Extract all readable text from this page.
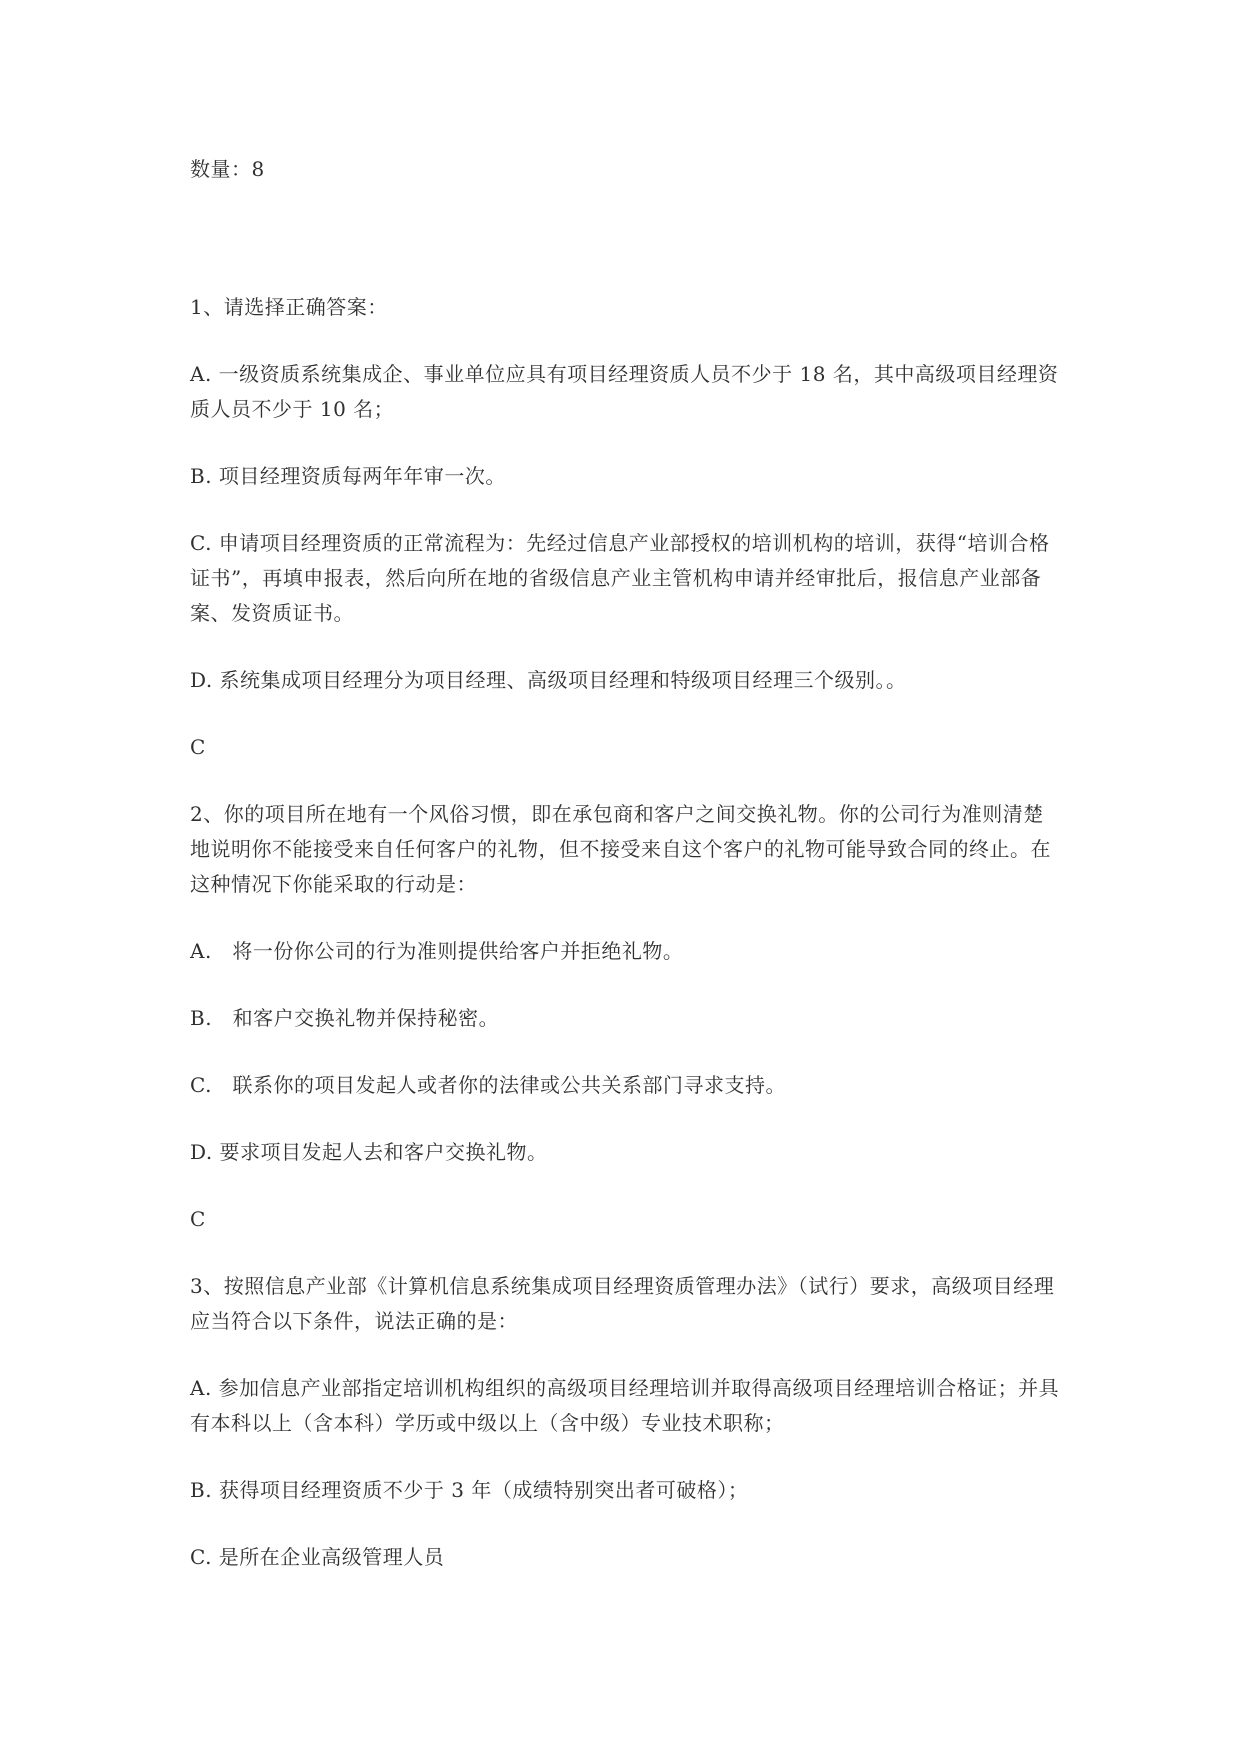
数量：8

1、请选择正确答案：

A. 一级资质系统集成企、事业单位应具有项目经理资质人员不少于 18 名，其中高级项目经理资质人员不少于 10 名；

B. 项目经理资质每两年年审一次。

C. 申请项目经理资质的正常流程为：先经过信息产业部授权的培训机构的培训，获得“培训合格证书”，再填申报表，然后向所在地的省级信息产业主管机构申请并经审批后，报信息产业部备案、发资质证书。

D. 系统集成项目经理分为项目经理、高级项目经理和特级项目经理三个级别。。

C

2、你的项目所在地有一个风俗习惯，即在承包商和客户之间交换礼物。你的公司行为准则清楚地说明你不能接受来自任何客户的礼物，但不接受来自这个客户的礼物可能导致合同的终止。在这种情况下你能采取的行动是：

A.   将一份你公司的行为准则提供给客户并拒绝礼物。

B.   和客户交换礼物并保持秘密。

C.   联系你的项目发起人或者你的法律或公共关系部门寻求支持。

D. 要求项目发起人去和客户交换礼物。

C

3、按照信息产业部《计算机信息系统集成项目经理资质管理办法》（试行）要求，高级项目经理应当符合以下条件，说法正确的是：

A. 参加信息产业部指定培训机构组织的高级项目经理培训并取得高级项目经理培训合格证；并具有本科以上（含本科）学历或中级以上（含中级）专业技术职称；

B. 获得项目经理资质不少于 3 年（成绩特别突出者可破格）；

C. 是所在企业高级管理人员
